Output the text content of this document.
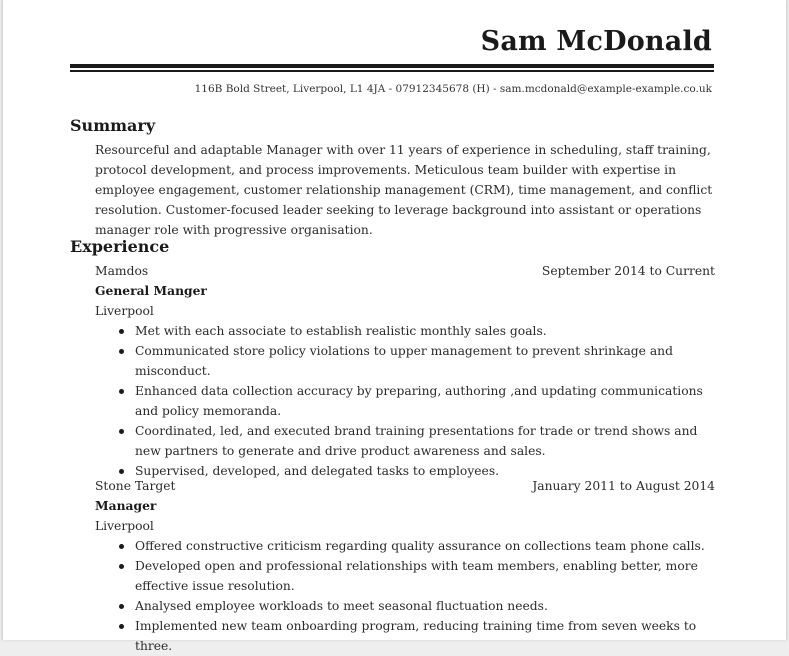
Sam McDonald
116B Bold Street, Liverpool, L1 4JA - 07912345678 (H) - sam.mcdonald@example-example.co.uk
Summary

Resourceful and adaptable Manager with over 11 years of experience in scheduling, staff training, protocol development, and process improvements. Meticulous team builder with expertise in employee engagement, customer relationship management (CRM), time management, and conflict resolution. Customer-focused leader seeking to leverage background into assistant or operations manager role with progressive organisation.

Experience
Mamdos	September 2014 to Current
General Manger
Liverpool
Met with each associate to establish realistic monthly sales goals.
Communicated store policy violations to upper management to prevent shrinkage and misconduct.
Enhanced data collection accuracy by preparing, authoring ,and updating communications and policy memoranda.
Coordinated, led, and executed brand training presentations for trade or trend shows and new partners to generate and drive product awareness and sales.
Supervised, developed, and delegated tasks to employees.
Stone Target	January 2011 to August 2014
Manager
Liverpool
Offered constructive criticism regarding quality assurance on collections team phone calls.
Developed open and professional relationships with team members, enabling better, more effective issue resolution.
Analysed employee workloads to meet seasonal fluctuation needs.
Implemented new team onboarding program, reducing training time from seven weeks to three.
